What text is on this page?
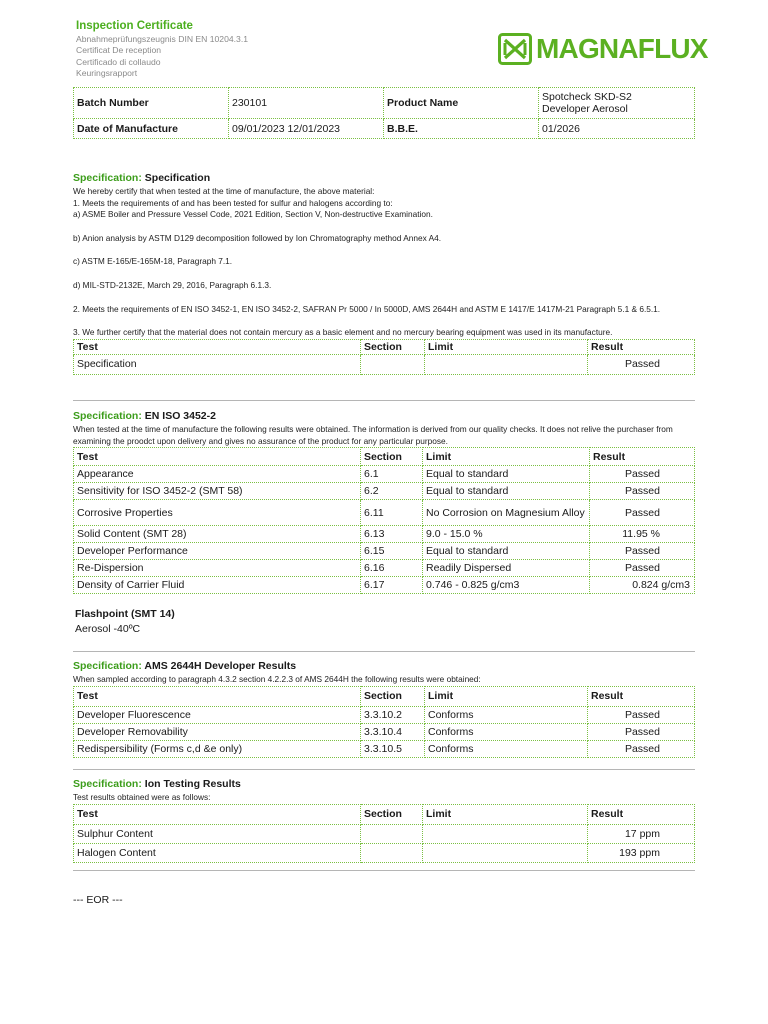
Inspection Certificate
Abnahmeprüfungszeugnis DIN EN 10204.3.1
Certificat De reception
Certificado di collaudo
Keuringsrapport
MAGNAFLUX
Batch Number	230101	Product Name	Spotcheck SKD-S2
Developer Aerosol

Date of Manufacture	09/01/2023 12/01/2023	B.B.E.	01/2026
Specification: Specification
We hereby certify that when tested at the time of manufacture, the above material:
1. Meets the requirements of and has been tested for sulfur and halogens according to:
a) ASME Boiler and Pressure Vessel Code, 2021 Edition, Section V, Non-destructive Examination.
b) Anion analysis by ASTM D129 decomposition followed by Ion Chromatography method Annex A4.
c) ASTM E-165/E-165M-18, Paragraph 7.1.
d) MIL-STD-2132E, March 29, 2016, Paragraph 6.1.3.
2. Meets the requirements of EN ISO 3452-1, EN ISO 3452-2, SAFRAN Pr 5000 / In 5000D, AMS 2644H and ASTM E 1417/E 1417M-21 Paragraph 5.1 & 6.5.1.
3. We further certify that the material does not contain mercury as a basic element and no mercury bearing equipment was used in its manufacture.
Test	Section	Limit	Result
Specification			Passed
Specification: EN ISO 3452-2
When tested at the time of manufacture the following results were obtained. The information is derived from our quality checks. It does not relive the purchaser from examining the proodct upon delivery and gives no assurance of the product for any particular purpose.
Test	Section	Limit	Result
Appearance	6.1	Equal to standard	Passed
Sensitivity for ISO 3452-2 (SMT 58)	6.2	Equal to standard	Passed
Corrosive Properties	6.11	No Corrosion on Magnesium Alloy	Passed
Solid Content (SMT 28)	6.13	9.0 - 15.0 %	11.95 %
Developer Performance	6.15	Equal to standard	Passed
Re-Dispersion	6.16	Readily Dispersed	Passed
Density of Carrier Fluid	6.17	0.746 - 0.825 g/cm3	0.824 g/cm3
Flashpoint (SMT 14)
Aerosol -40ºC
Specification: AMS 2644H Developer Results
When sampled according to paragraph 4.3.2 section 4.2.2.3 of AMS 2644H the following results were obtained:
Test	Section	Limit	Result
Developer Fluorescence	3.3.10.2	Conforms	Passed
Developer Removability	3.3.10.4	Conforms	Passed
Redispersibility (Forms c,d &e only)	3.3.10.5	Conforms	Passed
Specification: Ion Testing Results
Test results obtained were as follows:
Test	Section	Limit	Result
Sulphur Content			17 ppm
Halogen Content			193 ppm
--- EOR ---
